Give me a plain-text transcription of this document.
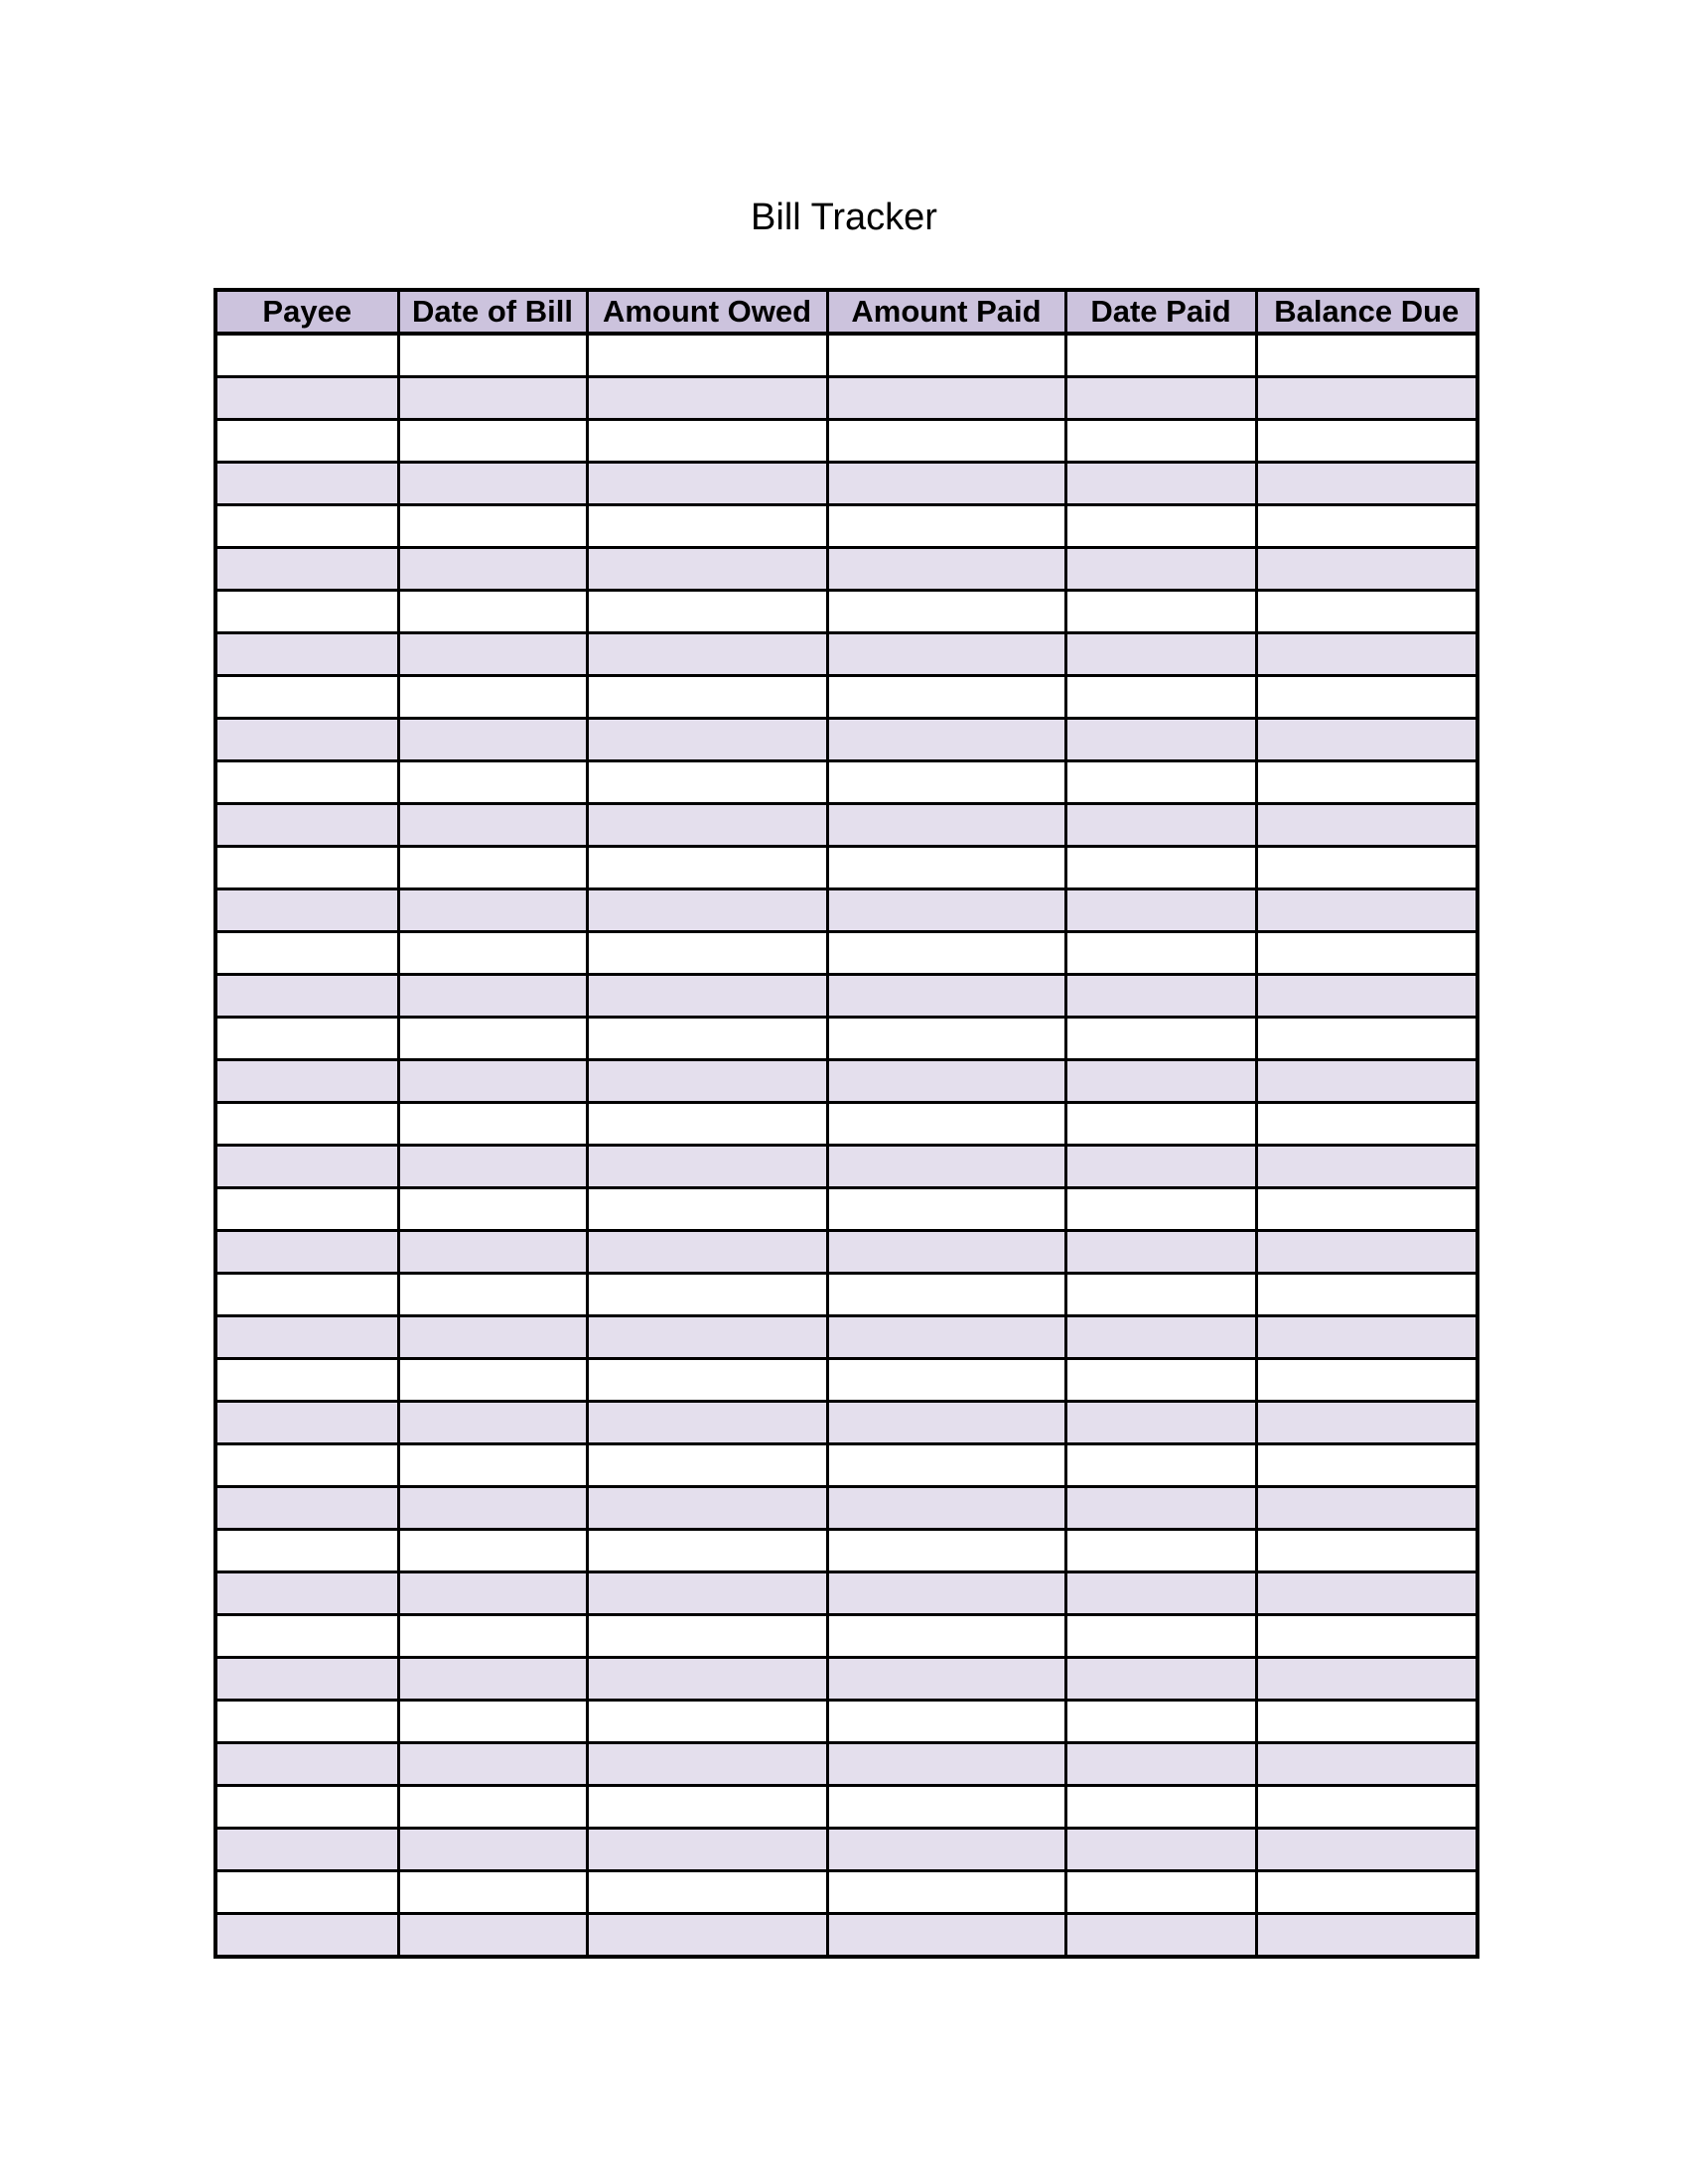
Bill Tracker
Payee	Date of Bill	Amount Owed	Amount Paid	Date Paid	Balance Due
